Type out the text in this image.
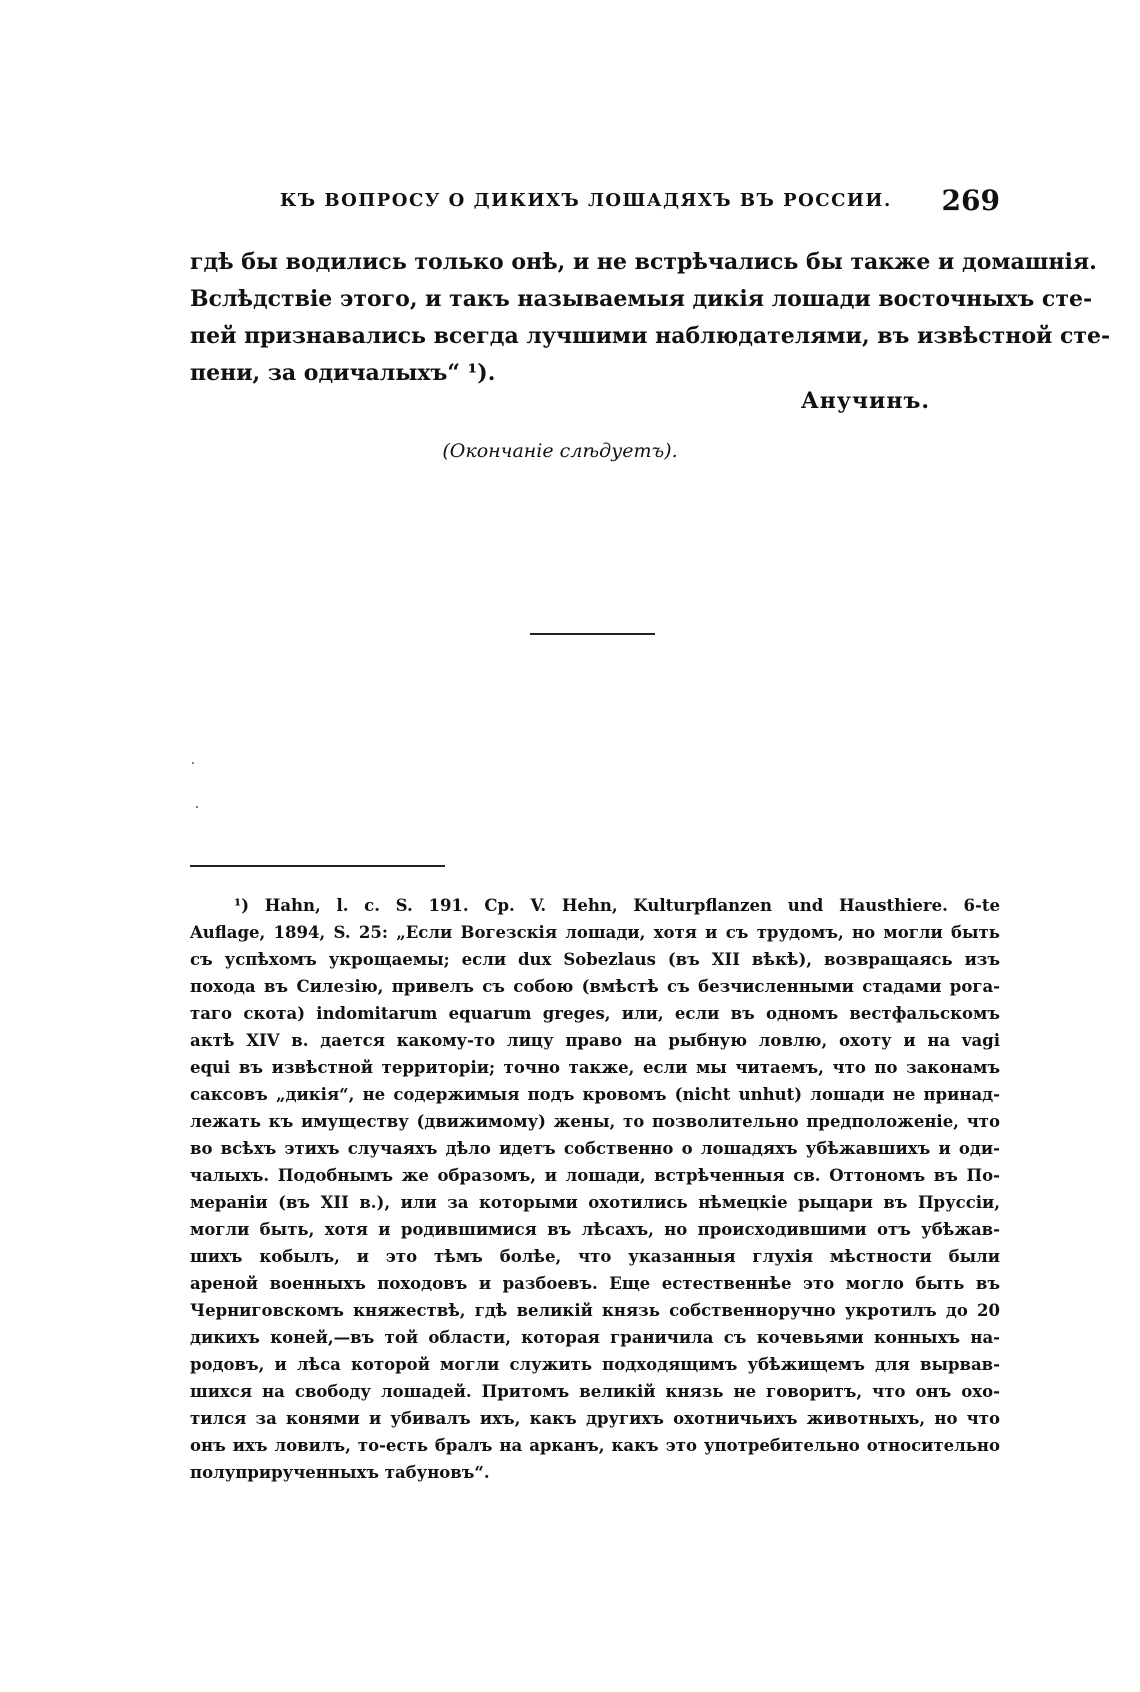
КЪ ВОПРОСУ О ДИКИХЪ ЛОШАДЯХЪ ВЪ РОССИИ. 269
гдѣ бы водились только онѣ, и не встрѣчались бы также и домашнія.
Вслѣдствіе этого, и такъ называемыя дикія лошади восточныхъ сте-
пей признавались всегда лучшими наблюдателями, въ извѣстной сте-
пени, за одичалыхъ“ ¹).
Анучинъ.
(Окончаніе слѣдуетъ).
¹) Hahn, l. c. S. 191. Cp. V. Hehn, Kulturpflanzen und Hausthiere. 6-te
Auflage, 1894, S. 25: „Если Вогезскія лошади, хотя и съ трудомъ, но могли быть
съ успѣхомъ укрощаемы; если dux Sobezlaus (въ XII вѣкѣ), возвращаясь изъ
похода въ Силезію, привелъ съ собою (вмѣстѣ съ безчисленными стадами рога-
таго скота) indomitarum equarum greges, или, если въ одномъ вестфальскомъ
актѣ XIV в. дается какому-то лицу право на рыбную ловлю, охоту и на vagi
equi въ извѣстной территоріи; точно также, если мы читаемъ, что по законамъ
саксовъ „дикія“, не содержимыя подъ кровомъ (nicht unhut) лошади не принад-
лежать къ имуществу (движимому) жены, то позволительно предположеніе, что
во всѣхъ этихъ случаяхъ дѣло идетъ собственно о лошадяхъ убѣжавшихъ и оди-
чалыхъ. Подобнымъ же образомъ, и лошади, встрѣченныя св. Оттономъ въ По-
мераніи (въ XII в.), или за которыми охотились нѣмецкіе рыцари въ Пруссіи,
могли быть, хотя и родившимися въ лѣсахъ, но происходившими отъ убѣжав-
шихъ кобылъ, и это тѣмъ болѣе, что указанныя глухія мѣстности были
ареной военныхъ походовъ и разбоевъ. Еще естественнѣе это могло быть въ
Черниговскомъ княжествѣ, гдѣ великій князь собственноручно укротилъ до 20
дикихъ коней,—въ той области, которая граничила съ кочевьями конныхъ на-
родовъ, и лѣса которой могли служить подходящимъ убѣжищемъ для вырвав-
шихся на свободу лошадей. Притомъ великій князь не говоритъ, что онъ охо-
тился за конями и убивалъ ихъ, какъ другихъ охотничьихъ животныхъ, но что
онъ ихъ ловилъ, то-есть бралъ на арканъ, какъ это употребительно относительно
полуприрученныхъ табуновъ“.
